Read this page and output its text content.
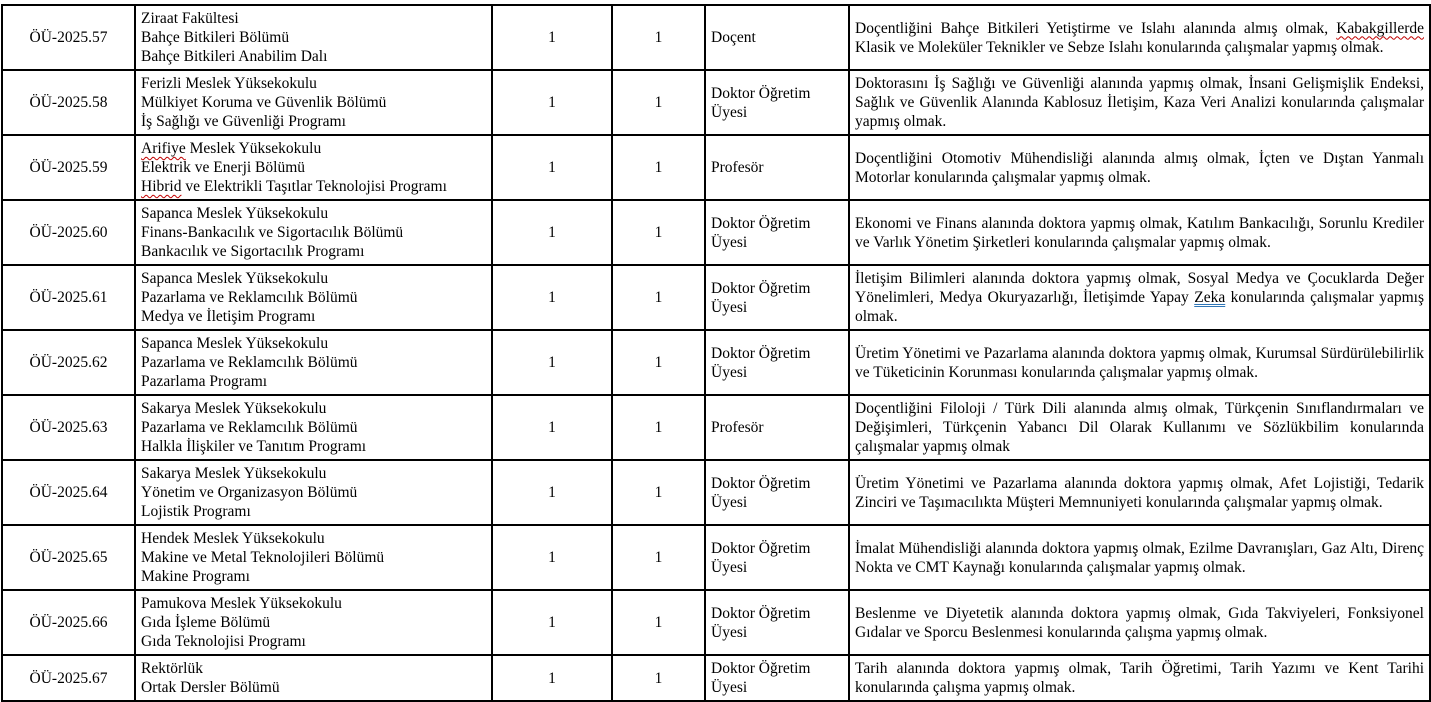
ÖÜ-2025.57	Ziraat Fakültesi
Bahçe Bitkileri Bölümü
Bahçe Bitkileri Anabilim Dalı	1	1	Doçent	Doçentliğini Bahçe Bitkileri Yetiştirme ve Islahı alanında almış olmak, Kabakgillerde Klasik ve Moleküler Teknikler ve Sebze Islahı konularında çalışmalar yapmış olmak.
ÖÜ-2025.58	Ferizli Meslek Yüksekokulu
Mülkiyet Koruma ve Güvenlik Bölümü
İş Sağlığı ve Güvenliği Programı	1	1	Doktor Öğretim Üyesi	Doktorasını İş Sağlığı ve Güvenliği alanında yapmış olmak, İnsani Gelişmişlik Endeksi, Sağlık ve Güvenlik Alanında Kablosuz İletişim, Kaza Veri Analizi konularında çalışmalar yapmış olmak.
ÖÜ-2025.59	Arifiye Meslek Yüksekokulu
Elektrik ve Enerji Bölümü
Hibrid ve Elektrikli Taşıtlar Teknolojisi Programı	1	1	Profesör	Doçentliğini Otomotiv Mühendisliği alanında almış olmak, İçten ve Dıştan Yanmalı Motorlar konularında çalışmalar yapmış olmak.
ÖÜ-2025.60	Sapanca Meslek Yüksekokulu
Finans-Bankacılık ve Sigortacılık Bölümü
Bankacılık ve Sigortacılık Programı	1	1	Doktor Öğretim Üyesi	Ekonomi ve Finans alanında doktora yapmış olmak, Katılım Bankacılığı, Sorunlu Krediler ve Varlık Yönetim Şirketleri konularında çalışmalar yapmış olmak.
ÖÜ-2025.61	Sapanca Meslek Yüksekokulu
Pazarlama ve Reklamcılık Bölümü
Medya ve İletişim Programı	1	1	Doktor Öğretim Üyesi	İletişim Bilimleri alanında doktora yapmış olmak, Sosyal Medya ve Çocuklarda Değer Yönelimleri, Medya Okuryazarlığı, İletişimde Yapay Zeka konularında çalışmalar yapmış olmak.
ÖÜ-2025.62	Sapanca Meslek Yüksekokulu
Pazarlama ve Reklamcılık Bölümü
Pazarlama Programı	1	1	Doktor Öğretim Üyesi	Üretim Yönetimi ve Pazarlama alanında doktora yapmış olmak, Kurumsal Sürdürülebilirlik ve Tüketicinin Korunması konularında çalışmalar yapmış olmak.
ÖÜ-2025.63	Sakarya Meslek Yüksekokulu
Pazarlama ve Reklamcılık Bölümü
Halkla İlişkiler ve Tanıtım Programı	1	1	Profesör	Doçentliğini Filoloji / Türk Dili alanında almış olmak, Türkçenin Sınıflandırmaları ve Değişimleri, Türkçenin Yabancı Dil Olarak Kullanımı ve Sözlükbilim konularında çalışmalar yapmış olmak
ÖÜ-2025.64	Sakarya Meslek Yüksekokulu
Yönetim ve Organizasyon Bölümü
Lojistik Programı	1	1	Doktor Öğretim Üyesi	Üretim Yönetimi ve Pazarlama alanında doktora yapmış olmak, Afet Lojistiği, Tedarik Zinciri ve Taşımacılıkta Müşteri Memnuniyeti konularında çalışmalar yapmış olmak.
ÖÜ-2025.65	Hendek Meslek Yüksekokulu
Makine ve Metal Teknolojileri Bölümü
Makine Programı	1	1	Doktor Öğretim Üyesi	İmalat Mühendisliği alanında doktora yapmış olmak, Ezilme Davranışları, Gaz Altı, Direnç Nokta ve CMT Kaynağı konularında çalışmalar yapmış olmak.
ÖÜ-2025.66	Pamukova Meslek Yüksekokulu
Gıda İşleme Bölümü
Gıda Teknolojisi Programı	1	1	Doktor Öğretim Üyesi	Beslenme ve Diyetetik alanında doktora yapmış olmak, Gıda Takviyeleri, Fonksiyonel Gıdalar ve Sporcu Beslenmesi konularında çalışma yapmış olmak.
ÖÜ-2025.67	Rektörlük
Ortak Dersler Bölümü	1	1	Doktor Öğretim Üyesi	Tarih alanında doktora yapmış olmak, Tarih Öğretimi, Tarih Yazımı ve Kent Tarihi konularında çalışma yapmış olmak.
